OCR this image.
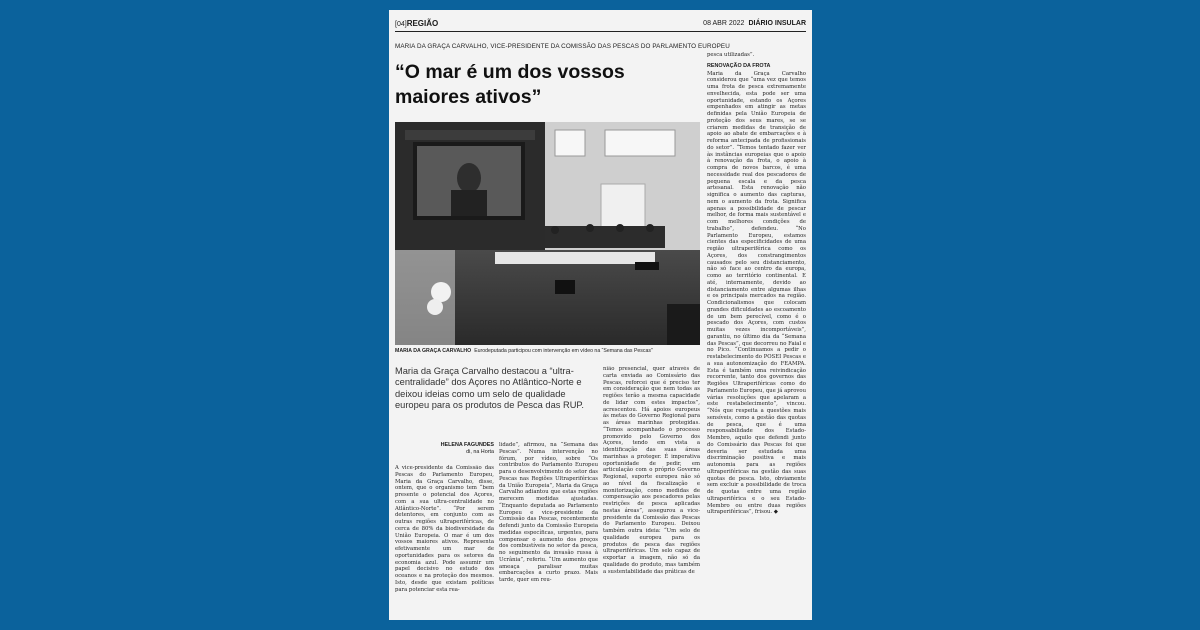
[04]REGIÃO	08 ABR 2022 DIÁRIO INSULAR
MARIA DA GRAÇA CARVALHO, VICE-PRESIDENTE DA COMISSÃO DAS PESCAS DO PARLAMENTO EUROPEU
“O mar é um dos vossos maiores ativos”
MARIA DA GRAÇA CARVALHO Eurodeputada participou com intervenção em vídeo na “Semana das Pescas”

Maria da Graça Carvalho destacou a “ultra-centralidade” dos Açores no Atlântico-Norte e deixou ideias como um selo de qualidade europeu para os produtos de Pesca das RUP.

HELENA FAGUNDES
di, na Horta

A vice-presidente da Comissão das Pescas do Parlamento Europeu, Maria da Graça Carvalho, disse, ontem, que o organismo tem “bem presente o potencial dos Açores, com a sua ultra-centralidade no Atlântico-Norte”. “Por serem detentores, em conjunto com as outras regiões ultraperiféricas, de cerca de 80% da biodiversidade da União Europeia. O mar é um dos vossos maiores ativos. Representa efetivamente um mar de oportunidades para os setores da economia azul. Pode assumir um papel decisivo no estudo dos oceanos e na proteção dos mesmos. Isto, desde que existam políticas para potenciar esta rea-

lidade”, afirmou, na “Semana das Pescas”. Numa intervenção no fórum, por vídeo, sobre “Os contributos do Parlamento Europeu para o desenvolvimento do setor das Pescas nas Regiões Ultraperiféricas da União Europeia”, Maria da Graça Carvalho adiantou que estas regiões merecem medidas ajustadas. “Enquanto deputada ao Parlamento Europeu e vice-presidente da Comissão das Pescas, recentemente defendi junto da Comissão Europeia medidas específicas, urgentes, para compensar o aumento dos preços dos combustíveis no setor da pesca, no seguimento da invasão russa à Ucrânia”, referiu. “Um aumento que ameaça paralisar muitas embarcações a curto prazo. Mais tarde, quer em reu-

nião presencial, quer através de carta enviada ao Comissário das Pescas, reforcei que é preciso ter em consideração que nem todas as regiões terão a mesma capacidade de lidar com estes impactos”, acrescentou. Há apoios europeus às metas do Governo Regional para as áreas marinhas protegidas. “Temos acompanhado o processo promovido pelo Governo dos Açores, tendo em vista a identificação das suas áreas marinhas a proteger. É imperativa oportunidade de pedir, em articulação com o próprio Governo Regional, suporte europeu não só ao nível da fiscalização e monitorização, como medidas de compensação aos pescadores pelas restrições de pesca aplicadas nestas áreas”, assegurou a vice-presidente da Comissão das Pescas do Parlamento Europeu. Deixou também outra ideia: “Um selo de qualidade europeu para os produtos de pesca das regiões ultraperiféricas. Um selo capaz de exportar a imagem, não só da qualidade do produto, mas também a sustentabilidade das práticas de

pesca utilizadas”.

RENOVAÇÃO DA FROTA

Maria da Graça Carvalho considerou que “uma vez que temos uma frota de pesca extremamente envelhecida, esta pode ser uma oportunidade, estando os Açores empenhados em atingir as metas definidas pela União Europeia de proteção dos seus mares, se se criarem medidas de transição de apoio ao abate de embarcações e à reforma antecipada de profissionais do setor”. “Temos tentado fazer ver às instâncias europeias que o apoio à renovação da frota, o apoio à compra de novos barcos, é uma necessidade real dos pescadores de pequena escala e da pesca artesanal. Esta renovação não significa o aumento das capturas, nem o aumento da frota. Significa apenas a possibilidade de pescar melhor, de forma mais sustentável e com melhores condições de trabalho”, defendeu. “No Parlamento Europeu, estamos cientes das especificidades de uma região ultraperiférica como os Açores, dos constrangimentos causados pelo seu distanciamento, não só face ao centro da europa, como ao território continental. E até, internamente, devido ao distanciamento entre algumas ilhas e os principais mercados na região. Condicionalismos que colocam grandes dificuldades ao escoamento de um bem perecível, como é o pescado dos Açores, com custos muitas vezes incomportáveis”, garantiu, no último dia da “Semana das Pescas”, que decorreu no Faial e no Pico. “Continuamos a pedir o restabelecimento do POSEI Pescas e a sua autonomização do FEAMPA. Esta é também uma reivindicação recorrente, tanto dos governos das Regiões Ultraperiféricas como do Parlamento Europeu, que já aprovou várias resoluções que apelaram a este restabelecimento”, vincou. “Nós que respeita a questões mais sensíveis, como a gestão das quotas de pesca, que é uma responsabilidade dos Estado-Membro, aquilo que defendi junto do Comissário das Pescas foi que deveria ser estudada uma discriminação positiva e mais autonomia para as regiões ultraperiféricas na gestão das suas quotas de pesca. Isto, obviamente sem excluir a possibilidade de troca de quotas entre uma região ultraperiférica e o seu Estado-Membro ou entre duas regiões ultraperiféricas”, frisou. ◆
